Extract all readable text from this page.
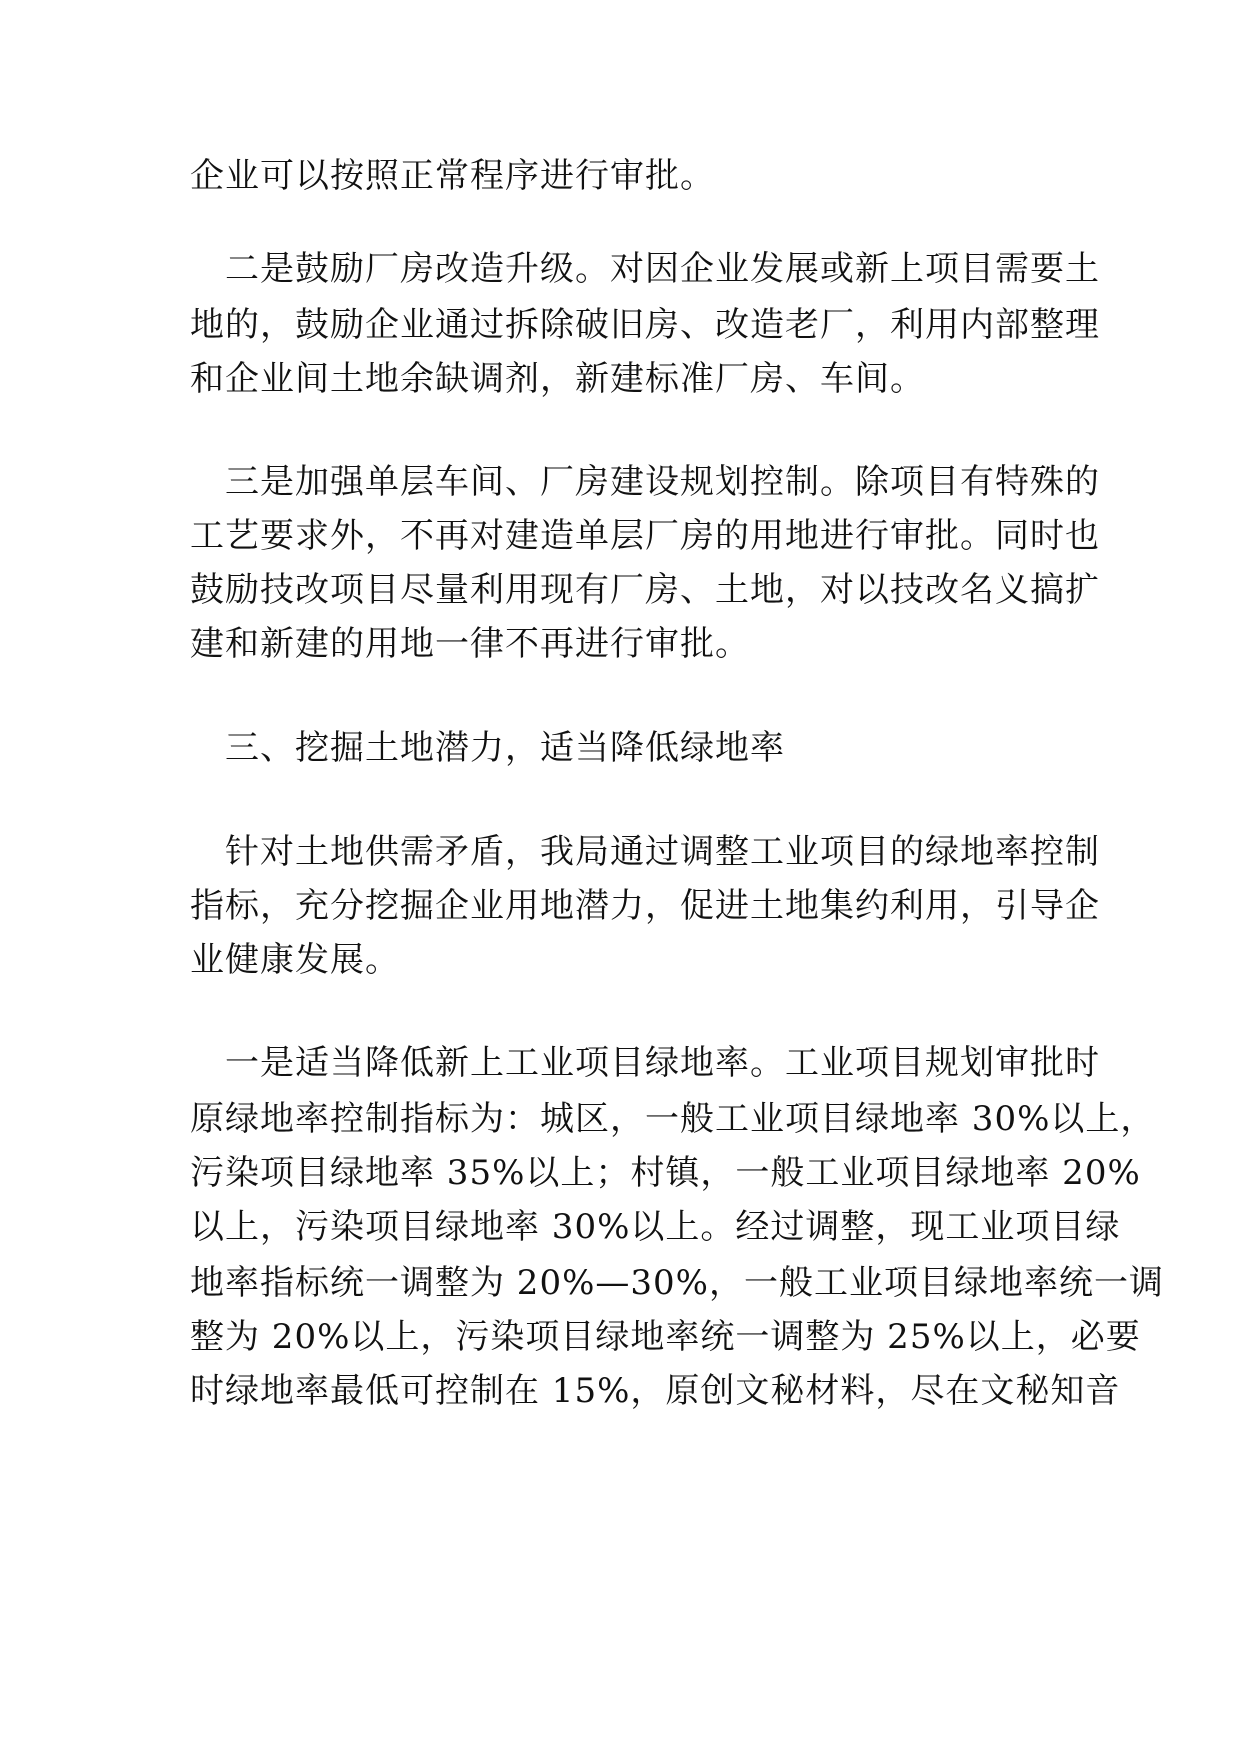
企业可以按照正常程序进行审批。
二是鼓励厂房改造升级。对因企业发展或新上项目需要土
地的，鼓励企业通过拆除破旧房、改造老厂，利用内部整理
和企业间土地余缺调剂，新建标准厂房、车间。
三是加强单层车间、厂房建设规划控制。除项目有特殊的
工艺要求外，不再对建造单层厂房的用地进行审批。同时也
鼓励技改项目尽量利用现有厂房、土地，对以技改名义搞扩
建和新建的用地一律不再进行审批。
三、挖掘土地潜力，适当降低绿地率
针对土地供需矛盾，我局通过调整工业项目的绿地率控制
指标，充分挖掘企业用地潜力，促进土地集约利用，引导企
业健康发展。
一是适当降低新上工业项目绿地率。工业项目规划审批时
原绿地率控制指标为：城区，一般工业项目绿地率 30%以上，
污染项目绿地率 35%以上；村镇，一般工业项目绿地率 20%
以上，污染项目绿地率 30%以上。经过调整，现工业项目绿
地率指标统一调整为 20%—30%，一般工业项目绿地率统一调
整为 20%以上，污染项目绿地率统一调整为 25%以上，必要
时绿地率最低可控制在 15%，原创文秘材料，尽在文秘知音
